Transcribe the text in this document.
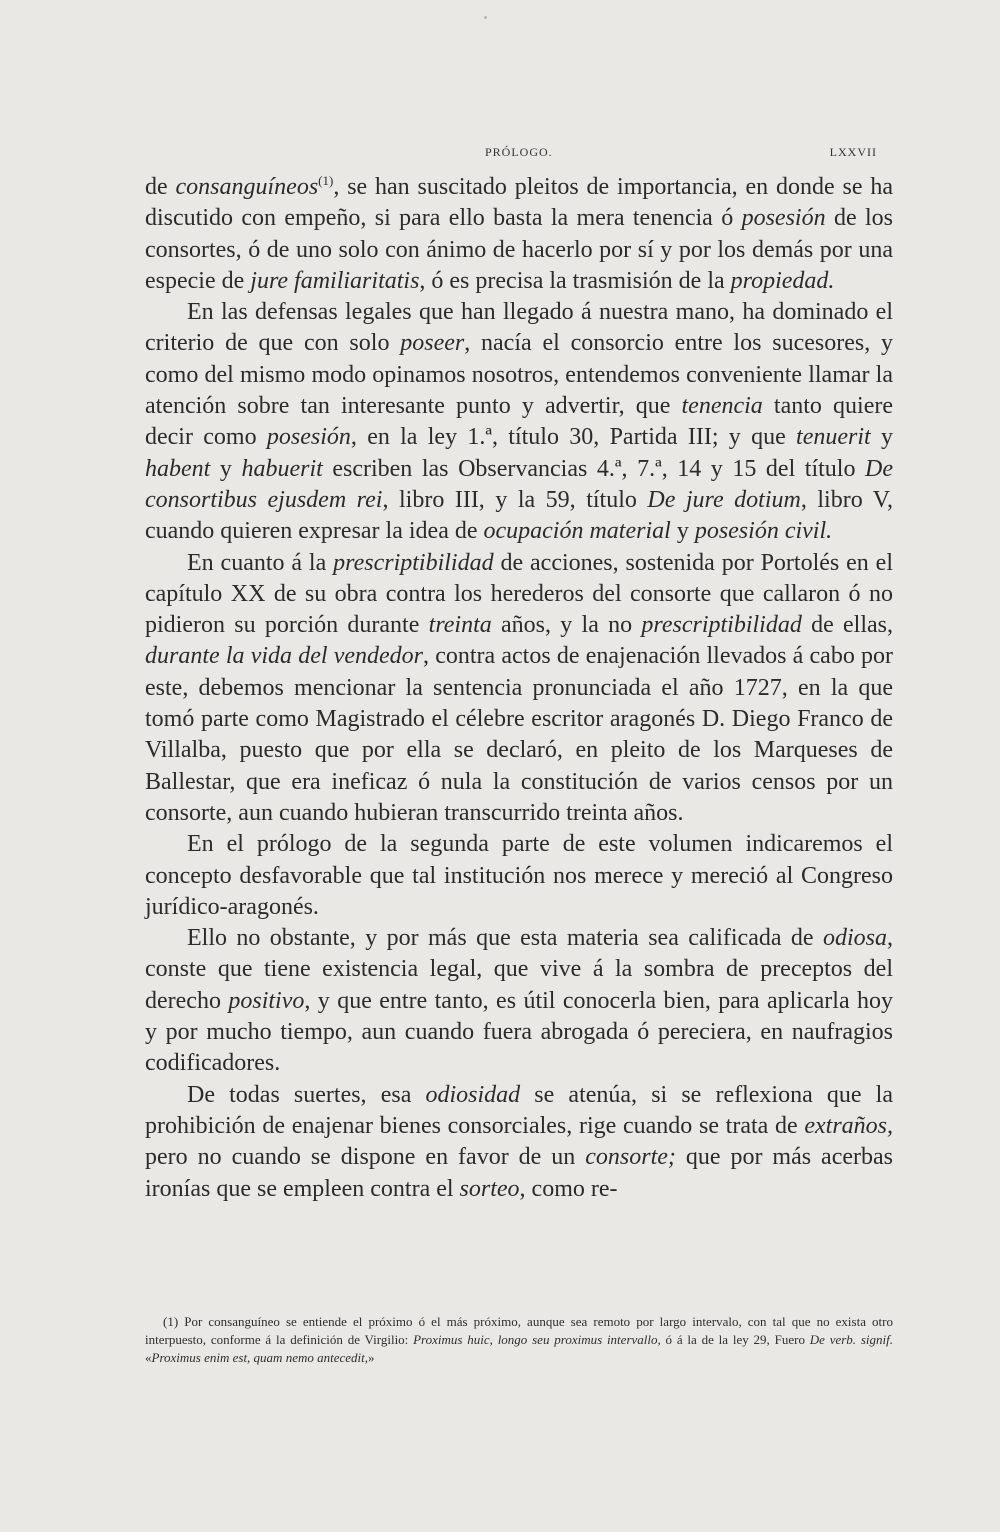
PRÓLOGO.	LXXVII

de consanguíneos$^{(1)}$, se han suscitado pleitos de importancia, en donde se ha discutido con empeño, si para ello basta la mera tenencia ó posesión de los consortes, ó de uno solo con ánimo de hacerlo por sí y por los demás por una especie de jure familiaritatis, ó es precisa la trasmisión de la propiedad.

En las defensas legales que han llegado á nuestra mano, ha dominado el criterio de que con solo poseer, nacía el consorcio entre los sucesores, y como del mismo modo opinamos nosotros, entendemos conveniente llamar la atención sobre tan interesante punto y advertir, que tenencia tanto quiere decir como posesión, en la ley 1.ª, título 30, Partida III; y que tenuerit y habent y habuerit escriben las Observancias 4.ª, 7.ª, 14 y 15 del título De consortibus ejusdem rei, libro III, y la 59, título De jure dotium, libro V, cuando quieren expresar la idea de ocupación material y posesión civil.

En cuanto á la prescriptibilidad de acciones, sostenida por Portolés en el capítulo XX de su obra contra los herederos del consorte que callaron ó no pidieron su porción durante treinta años, y la no prescriptibilidad de ellas, durante la vida del vendedor, contra actos de enajenación llevados á cabo por este, debemos mencionar la sentencia pronunciada el año 1727, en la que tomó parte como Magistrado el célebre escritor aragonés D. Diego Franco de Villalba, puesto que por ella se declaró, en pleito de los Marqueses de Ballestar, que era ineficaz ó nula la constitución de varios censos por un consorte, aun cuando hubieran transcurrido treinta años.

En el prólogo de la segunda parte de este volumen indicaremos el concepto desfavorable que tal institución nos merece y mereció al Congreso jurídico-aragonés.

Ello no obstante, y por más que esta materia sea calificada de odiosa, conste que tiene existencia legal, que vive á la sombra de preceptos del derecho positivo, y que entre tanto, es útil conocerla bien, para aplicarla hoy y por mucho tiempo, aun cuando fuera abrogada ó pereciera, en naufragios codificadores.

De todas suertes, esa odiosidad se atenúa, si se reflexiona que la prohibición de enajenar bienes consorciales, rige cuando se trata de extraños, pero no cuando se dispone en favor de un consorte; que por más acerbas ironías que se empleen contra el sorteo, como re-

(1) Por consanguíneo se entiende el próximo ó el más próximo, aunque sea remoto por largo intervalo, con tal que no exista otro interpuesto, conforme á la definición de Virgilio: Proximus huic, longo seu proximus intervallo, ó á la de la ley 29, Fuero De verb. signif. «Proximus enim est, quam nemo antecedit,»
